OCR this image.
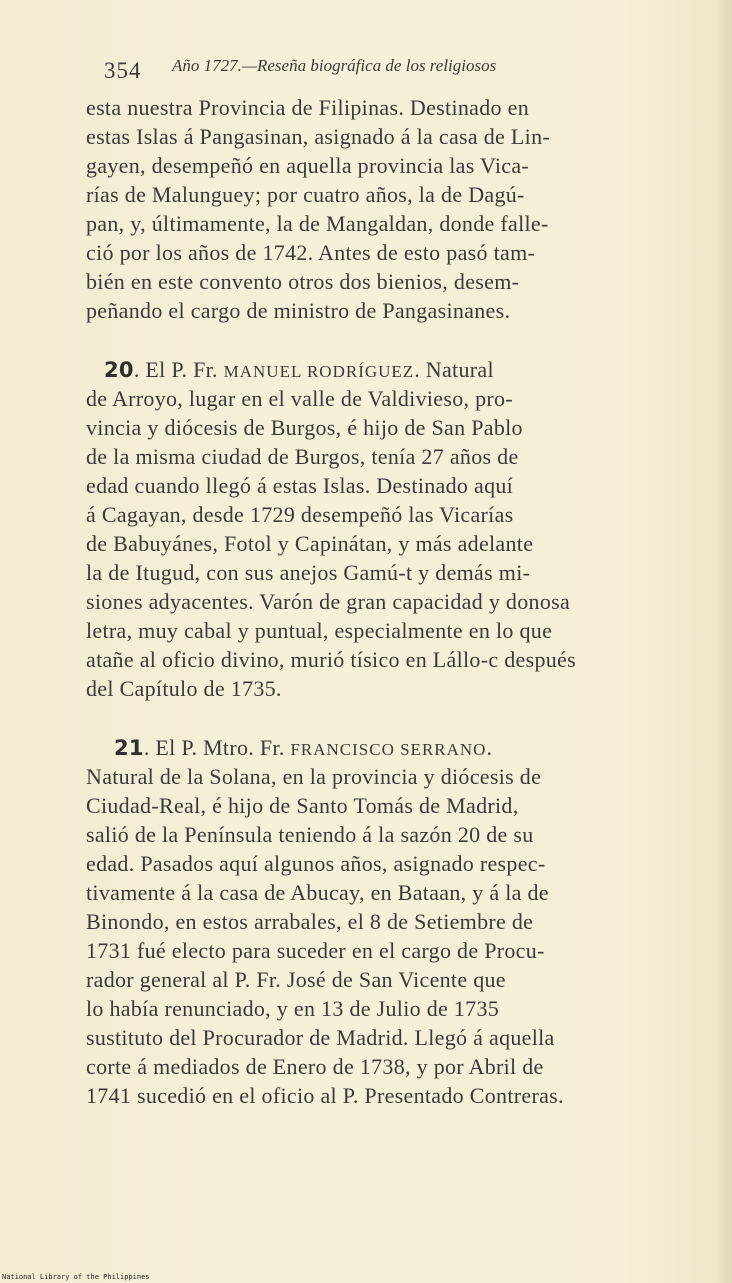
354 Año 1727.—Reseña biográfica de los religiosos
esta nuestra Provincia de Filipinas. Destinado en
estas Islas á Pangasinan, asignado á la casa de Lin-
gayen, desempeñó en aquella provincia las Vica-
rías de Malunguey; por cuatro años, la de Dagú-
pan, y, últimamente, la de Mangaldan, donde falle-
ció por los años de 1742. Antes de esto pasó tam-
bién en este convento otros dos bienios, desem-
peñando el cargo de ministro de Pangasinanes.
20. El P. Fr. MANUEL RODRÍGUEZ. Natural
de Arroyo, lugar en el valle de Valdivieso, pro-
vincia y diócesis de Burgos, é hijo de San Pablo
de la misma ciudad de Burgos, tenía 27 años de
edad cuando llegó á estas Islas. Destinado aquí
á Cagayan, desde 1729 desempeñó las Vicarías
de Babuyánes, Fotol y Capinátan, y más adelante
la de Itugud, con sus anejos Gamú-t y demás mi-
siones adyacentes. Varón de gran capacidad y donosa
letra, muy cabal y puntual, especialmente en lo que
atañe al oficio divino, murió tísico en Lállo-c después
del Capítulo de 1735.
21. El P. Mtro. Fr. FRANCISCO SERRANO.
Natural de la Solana, en la provincia y diócesis de
Ciudad-Real, é hijo de Santo Tomás de Madrid,
salió de la Península teniendo á la sazón 20 de su
edad. Pasados aquí algunos años, asignado respec-
tivamente á la casa de Abucay, en Bataan, y á la de
Binondo, en estos arrabales, el 8 de Setiembre de
1731 fué electo para suceder en el cargo de Procu-
rador general al P. Fr. José de San Vicente que
lo había renunciado, y en 13 de Julio de 1735
sustituto del Procurador de Madrid. Llegó á aquella
corte á mediados de Enero de 1738, y por Abril de
1741 sucedió en el oficio al P. Presentado Contreras.
National Library of the Philippines
